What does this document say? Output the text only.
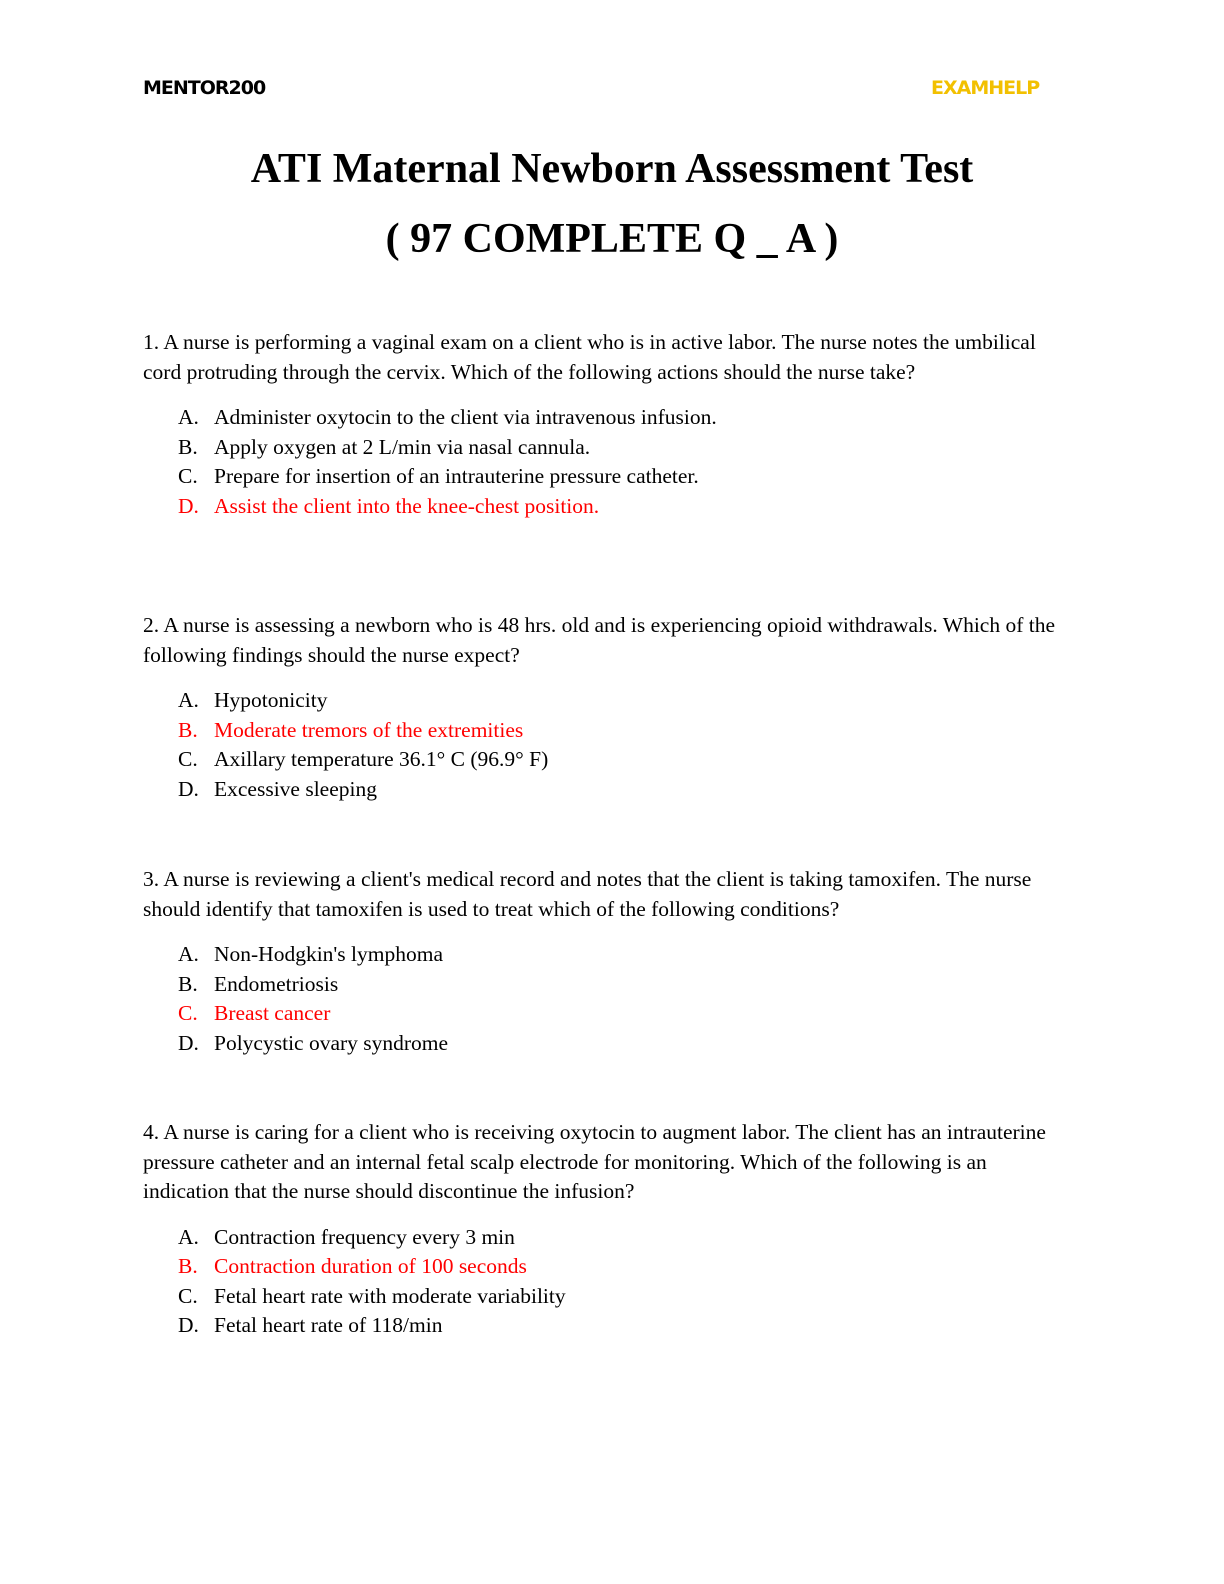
MENTOR200	EXAMHELP
ATI Maternal Newborn Assessment Test
( 97 COMPLETE Q _ A )

1. A nurse is performing a vaginal exam on a client who is in active labor. The nurse notes the umbilical cord protruding through the cervix. Which of the following actions should the nurse take?

A. Administer oxytocin to the client via intravenous infusion.
B. Apply oxygen at 2 L/min via nasal cannula.
C. Prepare for insertion of an intrauterine pressure catheter.
D. Assist the client into the knee-chest position.

2. A nurse is assessing a newborn who is 48 hrs. old and is experiencing opioid withdrawals. Which of the following findings should the nurse expect?

A. Hypotonicity
B. Moderate tremors of the extremities
C. Axillary temperature 36.1° C (96.9° F)
D. Excessive sleeping

3. A nurse is reviewing a client's medical record and notes that the client is taking tamoxifen. The nurse should identify that tamoxifen is used to treat which of the following conditions?

A. Non-Hodgkin's lymphoma
B. Endometriosis
C. Breast cancer
D. Polycystic ovary syndrome

4. A nurse is caring for a client who is receiving oxytocin to augment labor. The client has an intrauterine pressure catheter and an internal fetal scalp electrode for monitoring. Which of the following is an indication that the nurse should discontinue the infusion?

A. Contraction frequency every 3 min
B. Contraction duration of 100 seconds
C. Fetal heart rate with moderate variability
D. Fetal heart rate of 118/min
